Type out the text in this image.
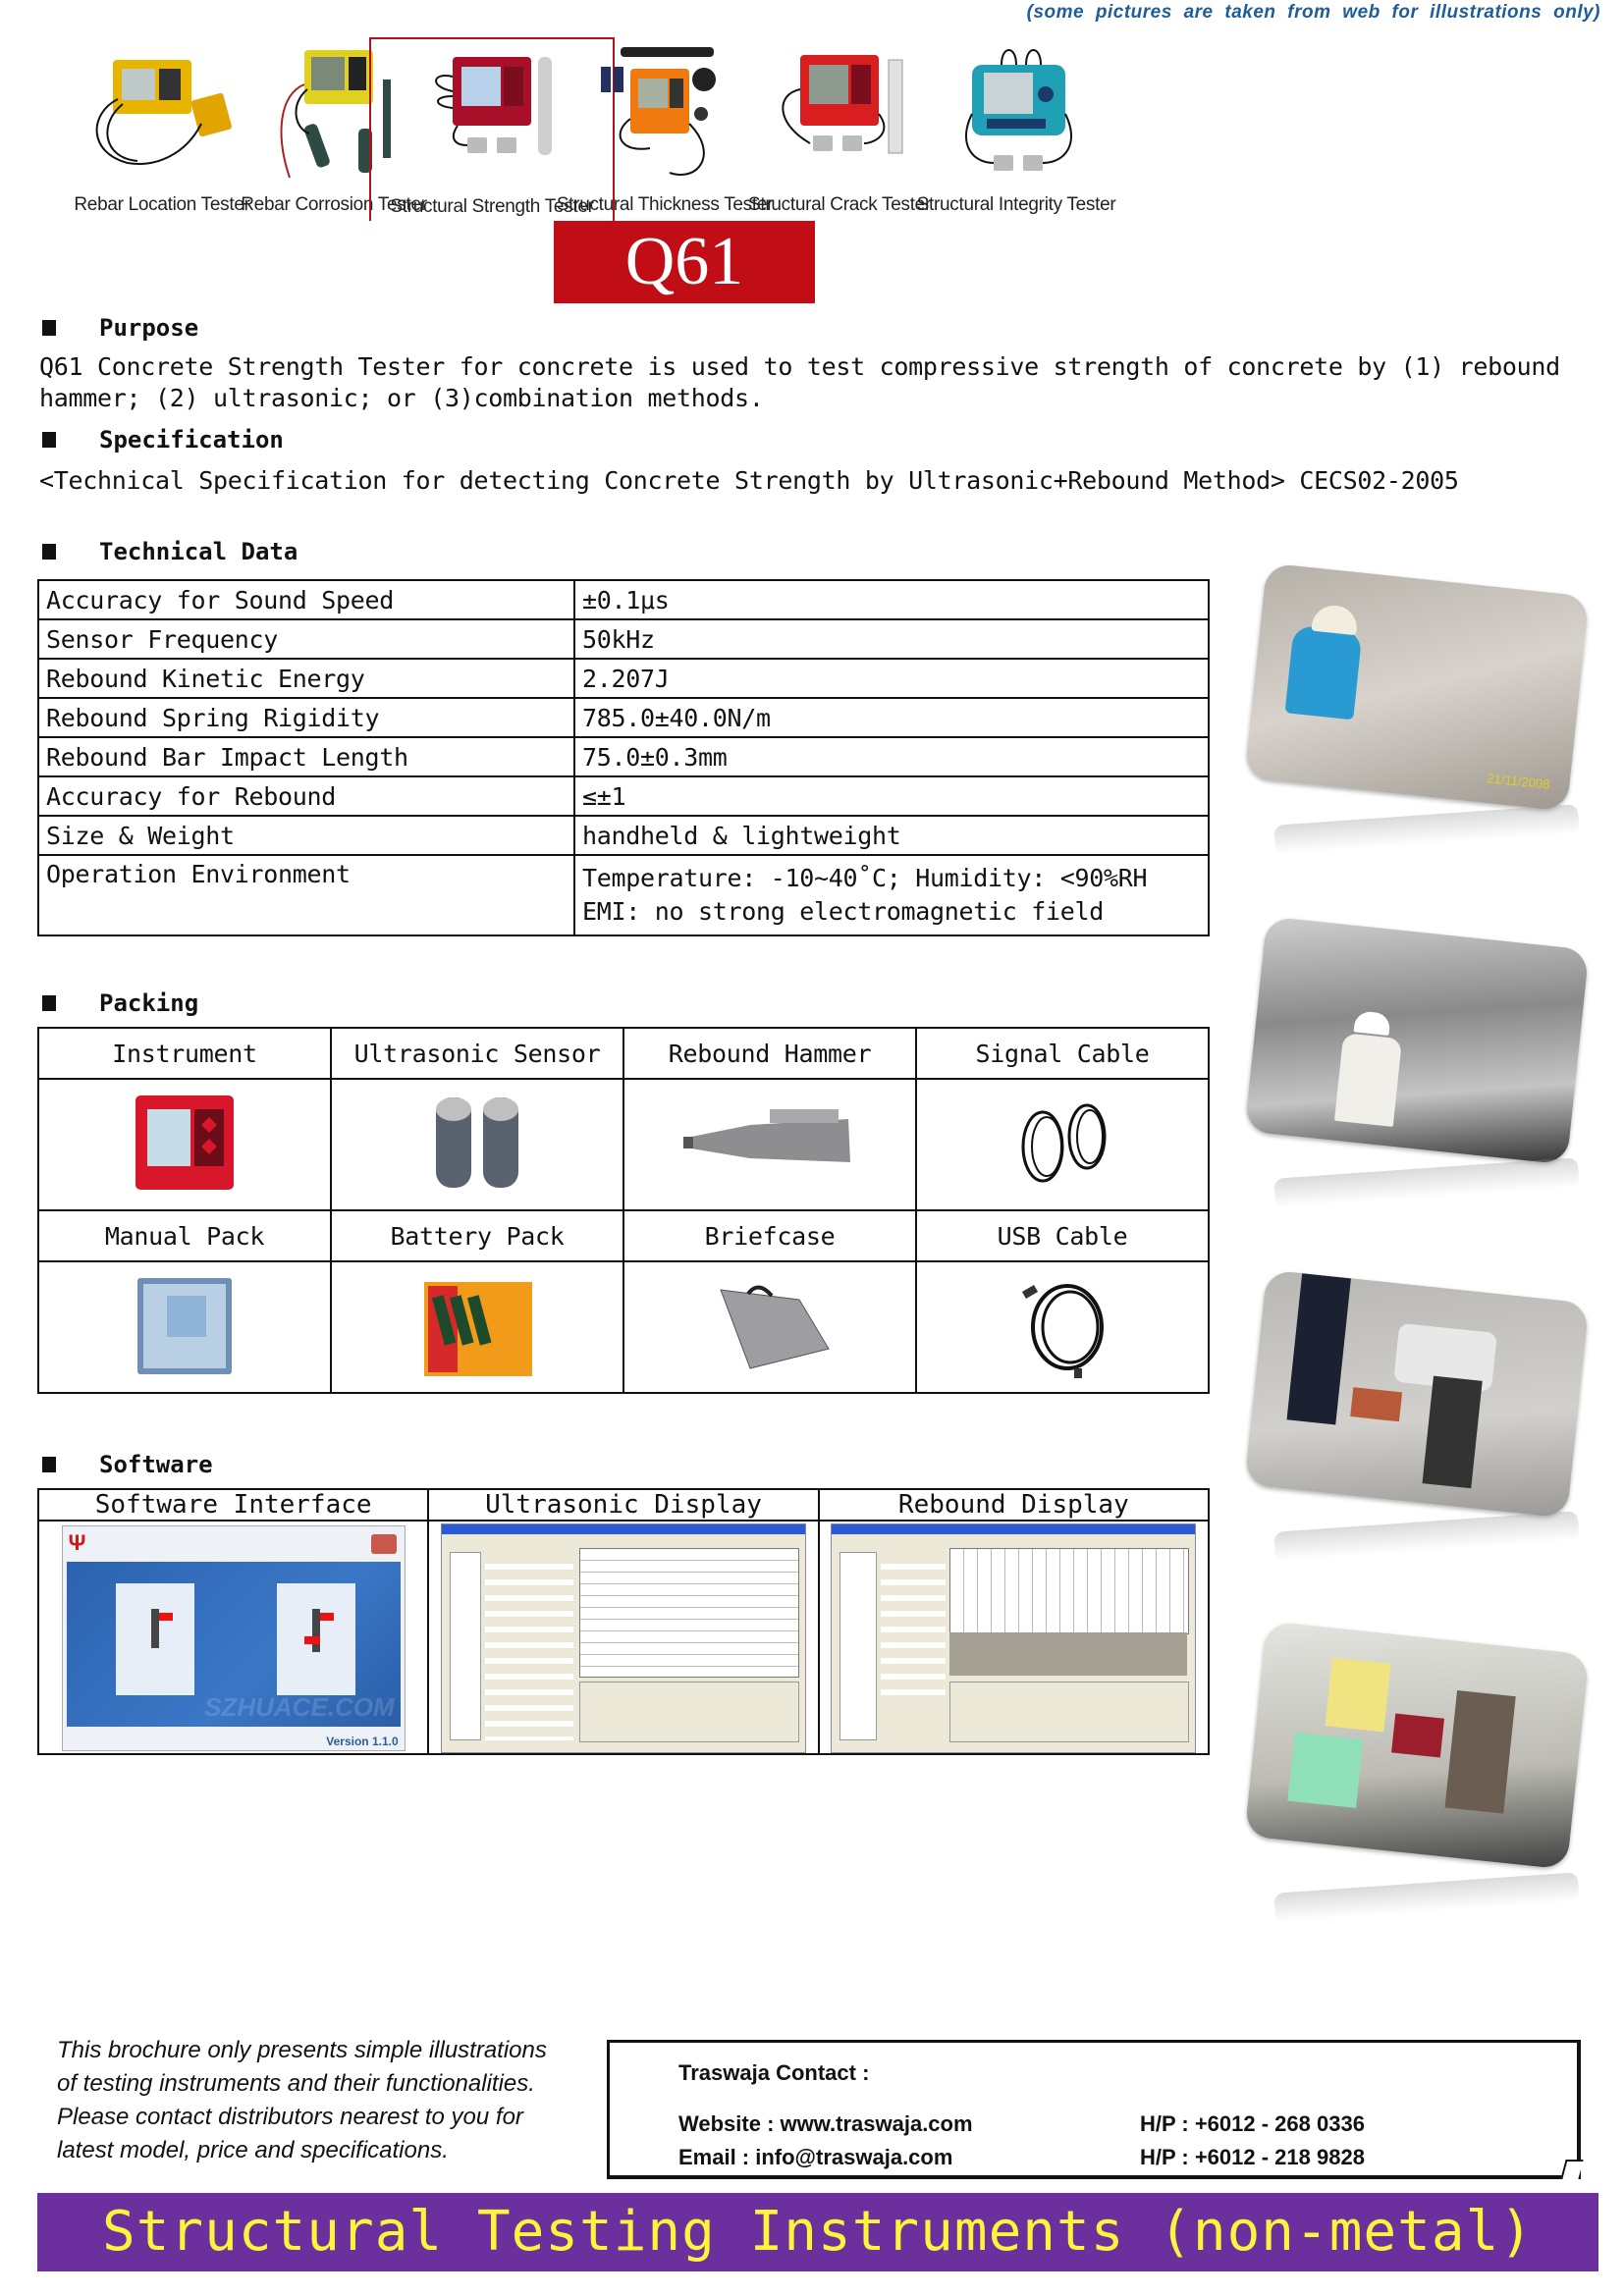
(some pictures are taken from web for illustrations only)
Rebar Location Tester
Rebar Corrosion Tester
Structural Strength Tester
Structural Thickness Tester
Structural Crack Tester
Structural Integrity Tester
Q61
Purpose
Q61 Concrete Strength Tester for concrete is used to test compressive strength of concrete by (1) rebound hammer; (2) ultrasonic; or (3)combination methods.
Specification
<Technical Specification for detecting Concrete Strength by Ultrasonic+Rebound Method> CECS02-2005
Technical Data
Accuracy for Sound Speed	±0.1μs
Sensor Frequency	50kHz
Rebound Kinetic Energy	2.207J
Rebound Spring Rigidity	785.0±40.0N/m
Rebound Bar Impact Length	75.0±0.3mm
Accuracy for Rebound	≤±1
Size & Weight	handheld & lightweight
Operation Environment	Temperature: -10~40˚C; Humidity: <90%RH
EMI: no strong electromagnetic field
Packing
Instrument	Ultrasonic Sensor	Rebound Hammer	Signal Cable

Manual Pack	Battery Pack	Briefcase	USB Cable

Software
Software Interface	Ultrasonic Display	Rebound Display

Ψ
SZHUACE.COM
Version 1.1.0		

21/11/2008
This brochure only presents simple illustrations
of testing instruments and their functionalities.
Please contact distributors nearest to you for
latest model, price and specifications.
Traswaja Contact :
Website : www.traswaja.com
Email : info@traswaja.com
H/P : +6012 - 268 0336
H/P : +6012 - 218 9828
Structural Testing Instruments (non-metal)
